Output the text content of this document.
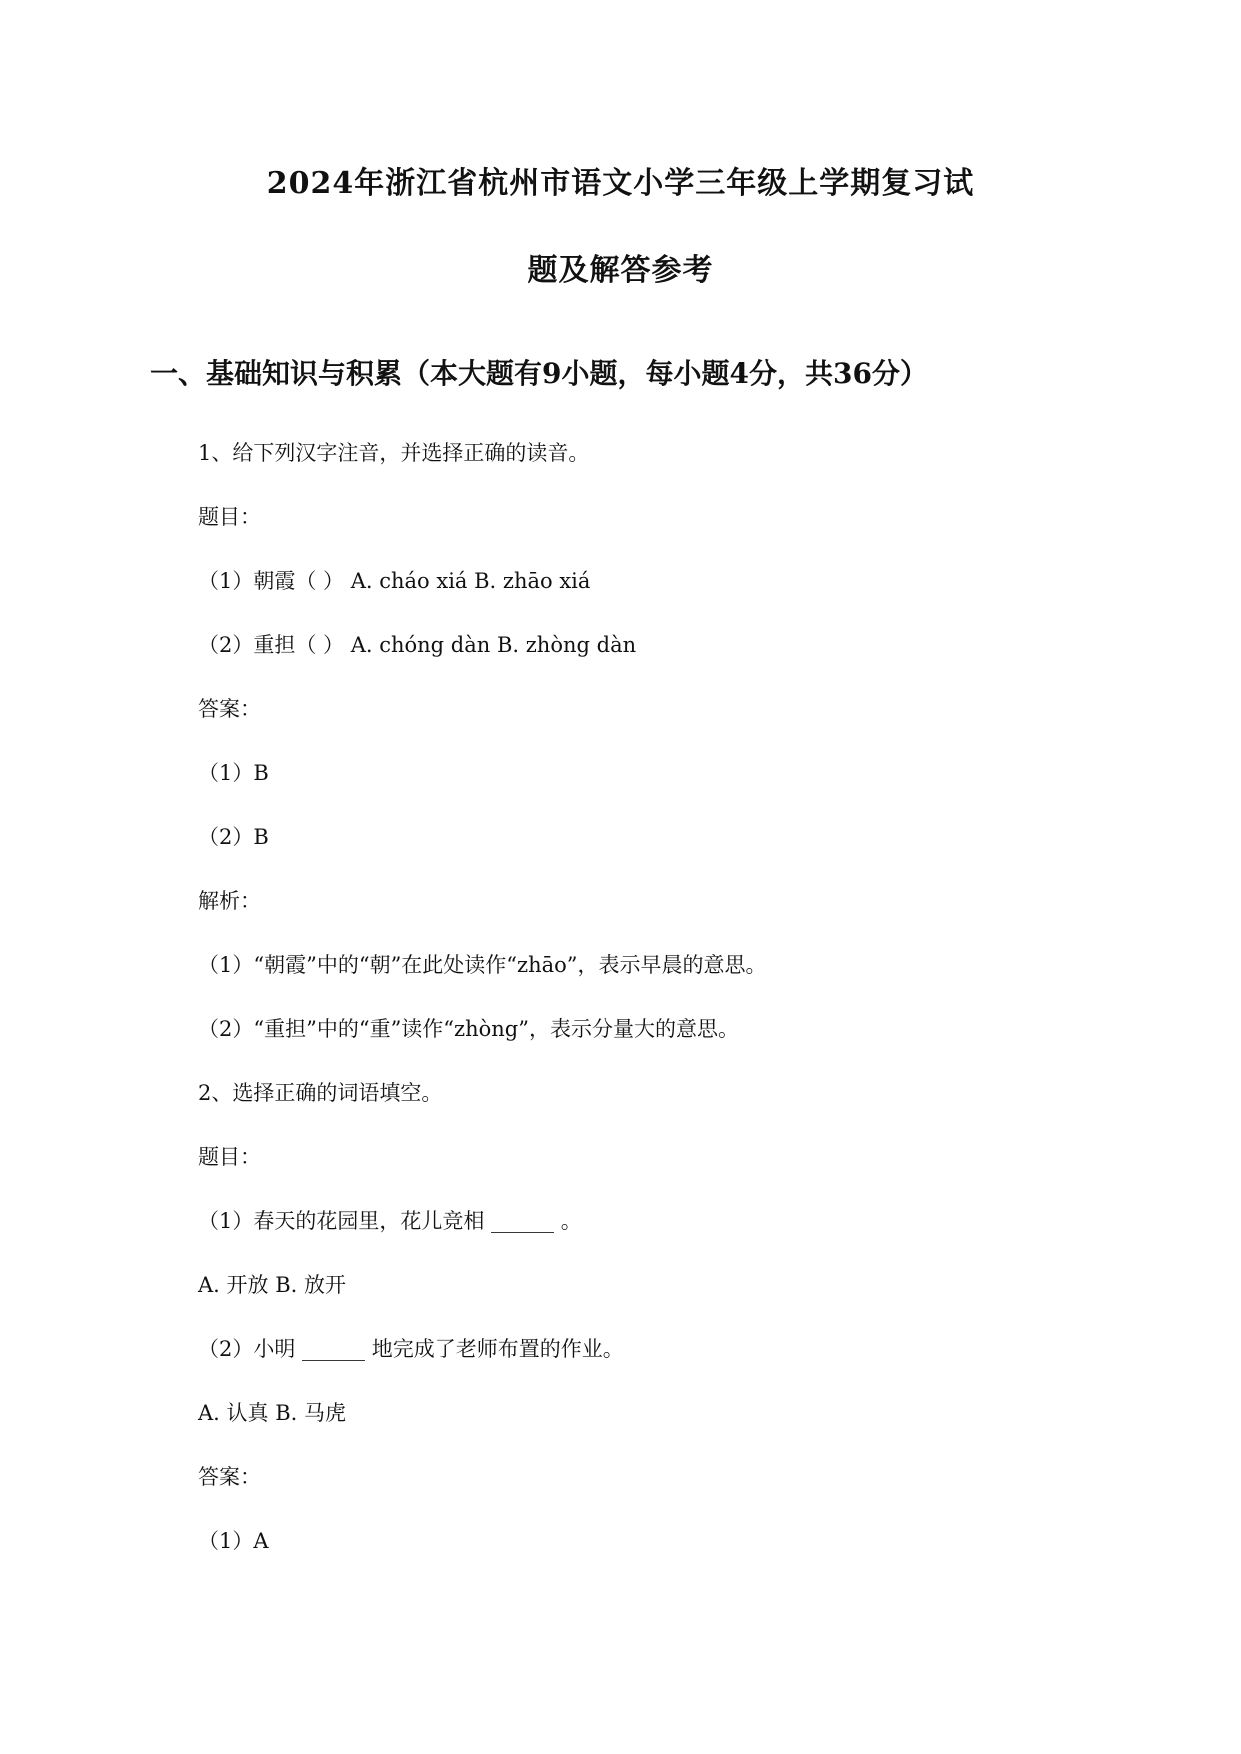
2024年浙江省杭州市语文小学三年级上学期复习试
题及解答参考
一、基础知识与积累（本大题有9小题，每小题4分，共36分）
1、给下列汉字注音，并选择正确的读音。
题目：
（1）朝霞（ ） A. cháo xiá B. zhāo xiá
（2）重担（ ） A. chóng dàn B. zhòng dàn
答案：
（1）B
（2）B
解析：
（1）“朝霞”中的“朝”在此处读作“zhāo”，表示早晨的意思。
（2）“重担”中的“重”读作“zhòng”，表示分量大的意思。
2、选择正确的词语填空。
题目：
（1）春天的花园里，花儿竞相 ______ 。
A. 开放 B. 放开
（2）小明 ______ 地完成了老师布置的作业。
A. 认真 B. 马虎
答案：
（1）A
